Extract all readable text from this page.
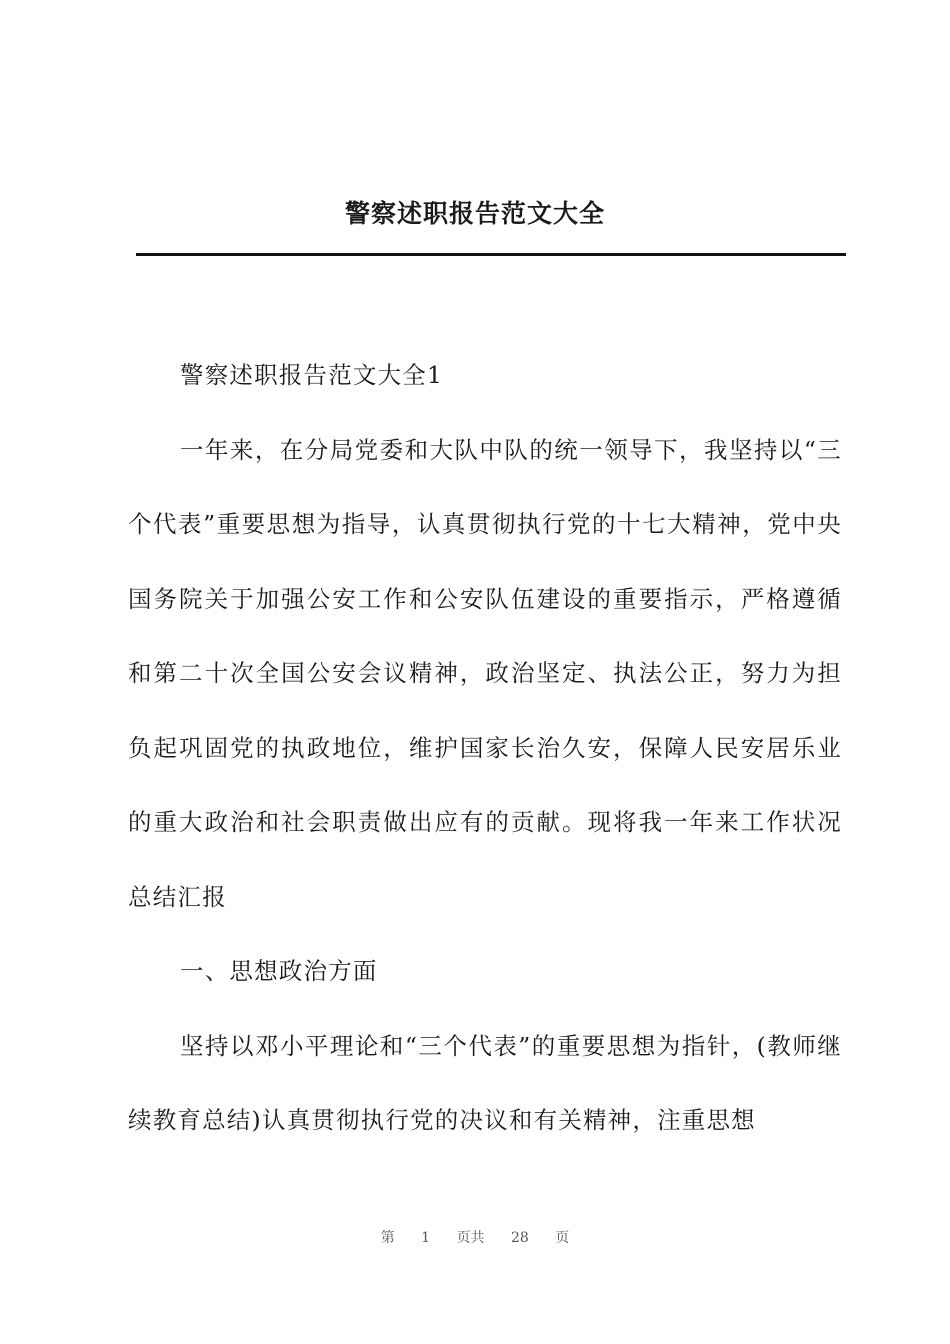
警察述职报告范文大全

警察述职报告范文大全1

一年来，在分局党委和大队中队的统一领导下，我坚持以“三个代表”重要思想为指导，认真贯彻执行党的十七大精神，党中央国务院关于加强公安工作和公安队伍建设的重要指示，严格遵循和第二十次全国公安会议精神，政治坚定、执法公正，努力为担负起巩固党的执政地位，维护国家长治久安，保障人民安居乐业的重大政治和社会职责做出应有的贡献。现将我一年来工作状况总结汇报

一、思想政治方面

坚持以邓小平理论和“三个代表”的重要思想为指针，(教师继续教育总结)认真贯彻执行党的决议和有关精神，注重思想

第 1 页共 28 页
